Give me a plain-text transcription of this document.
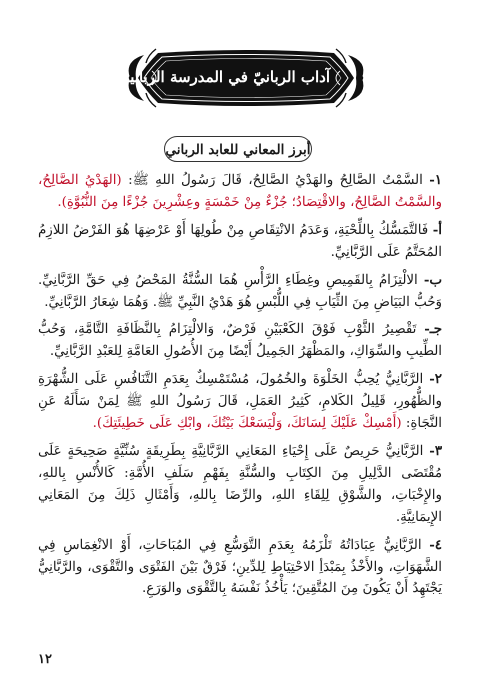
آداب الربانيّ في المدرسة الربانية
أبرز المعاني للعابد الرباني

١- السَّمْتُ الصَّالِحُ والهَدْيُ الصَّالِحُ، قَالَ رَسُولُ اللهِ ﷺ: (الهَدْيُ الصَّالِحُ، والسَّمْتُ الصَّالِحُ، والاقْتِصَادُ؛ جُزْءٌ مِنْ خَمْسَةٍ وعِشْرِينَ جُزْءًا مِنَ النُّبُوَّةِ).

أ- فَالتَّمَسُّكُ بِاللِّحْيَةِ، وَعَدَمُ الانْتِقَاصِ مِنْ طُولِهَا أَوْ عَرْضِهَا هُوَ الفَرْضُ اللازِمُ المُحَتَّمُ عَلَى الرَّبَّانِيِّ.

ب- الالْتِزَامُ بِالقَمِيصِ وغِطَاءِ الرَّأْسِ هُمَا السُّنَّةُ المَحْضُ فِي حَقِّ الرَّبَّانِيِّ. وَحُبُّ البَيَاضِ مِنَ الثِّيَابِ فِي اللُّبْسِ هُوَ هَدْيُ النَّبِيِّ ﷺ. وَهُمَا شِعَارُ الرَّبَّانِيِّ.

جـ- تَقْصِيرُ الثَّوْبِ فَوْقَ الكَعْبَيْنِ فَرْضٌ، وَالالْتِزَامُ بِالنَّظَافَةِ التَّامَّةِ، وَحُبُّ الطِّيبِ والسِّوَاكِ، والمَظْهَرُ الجَمِيلُ أَيْضًا مِنَ الأُصُولِ العَامَّةِ لِلعَبْدِ الرَّبَّانِيِّ.

٢- الرَّبَّانِيُّ يُحِبُّ الخَلْوَةَ والخُمُولَ، مُسْتَمْسِكٌ بِعَدَمِ التَّنَافُسِ عَلَى الشُّهْرَةِ والظُّهُورِ، قَلِيلُ الكَلامِ، كَثِيرُ العَمَلِ، قَالَ رَسُولُ اللهِ ﷺ لِمَنْ سَأَلَهُ عَنِ النَّجَاةِ: (أَمْسِكْ عَلَيْكَ لِسَانَكَ، وَلْيَسَعْكَ بَيْتُكَ، وابْكِ عَلَى خَطِيئَتِكَ).

٣- الرَّبَّانِيُّ حَرِيصٌ عَلَى إِحْيَاءِ المَعَانِي الرَّبَّانِيَّةِ بِطَرِيقَةٍ سُنِّيَّةٍ صَحِيحَةٍ عَلَى مُقْتَضَى الدَّلِيلِ مِنَ الكِتَابِ والسُّنَّةِ بِفَهْمِ سَلَفِ الأُمَّةِ: كَالأُنْسِ بِاللهِ، والإِخْبَاتِ، والشَّوْقِ لِلِقَاءِ اللهِ، والرِّضَا بِاللهِ، وَأَمْثَالِ ذَلِكَ مِنَ المَعَانِي الإِيمَانِيَّةِ.

٤- الرَّبَّانِيُّ عِبَادَاتُهُ تَلْزَمُهُ بِعَدَمِ التَّوَسُّعِ فِي المُبَاحَاتِ، أَوْ الانْغِمَاسِ فِي الشَّهَوَاتِ، والأَخْذُ بِمَبْدَأِ الاحْتِيَاطِ لِلدِّينِ؛ فَرْقٌ بَيْنَ الفَتْوَى والتَّقْوَى، والرَّبَّانِيُّ يَجْتَهِدُ أَنْ يَكُونَ مِنَ المُتَّقِينَ؛ يَأْخُذُ نَفْسَهُ بِالتَّقْوَى والوَرَعِ.

١٢
